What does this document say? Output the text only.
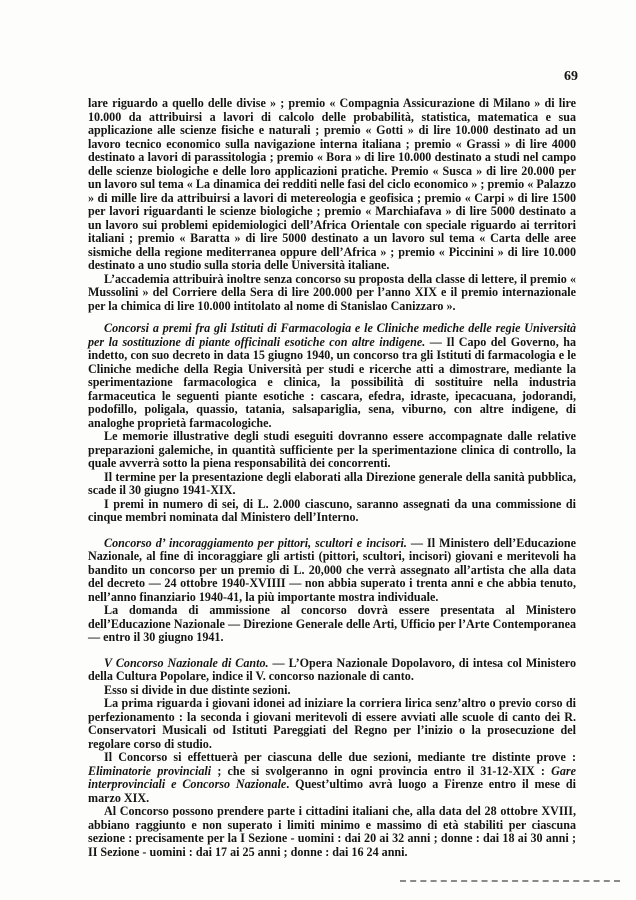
69

lare riguardo a quello delle divise » ; premio « Compagnia Assicurazione di Milano » di lire 10.000 da attribuirsi a lavori di calcolo delle probabilità, statistica, matematica e sua applicazione alle scienze fisiche e naturali ; premio « Gotti » di lire 10.000 destinato ad un lavoro tecnico economico sulla navigazione interna italiana ; premio « Grassi » di lire 4000 destinato a lavori di parassitologia ; premio « Bora » di lire 10.000 destinato a studi nel campo delle scienze biologiche e delle loro applicazioni pratiche. Premio « Susca » di lire 20.000 per un lavoro sul tema « La dinamica dei redditi nelle fasi del ciclo economico » ; premio « Palazzo » di mille lire da attribuirsi a lavori di metereologia e geofisica ; premio « Carpi » di lire 1500 per lavori riguardanti le scienze biologiche ; premio « Marchiafava » di lire 5000 destinato a un lavoro sui problemi epidemiologici dell’Africa Orientale con speciale riguardo ai territori italiani ; premio « Baratta » di lire 5000 destinato a un lavoro sul tema « Carta delle aree sismiche della regione mediterranea oppure dell’Africa » ; premio « Piccinini » di lire 10.000 destinato a uno studio sulla storia delle Università italiane.

L’accademia attribuirà inoltre senza concorso su proposta della classe di lettere, il premio « Mussolini » del Corriere della Sera di lire 200.000 per l’anno XIX e il premio internazionale per la chimica di lire 10.000 intitolato al nome di Stanislao Canizzaro ».

Concorsi a premi fra gli Istituti di Farmacologia e le Cliniche mediche delle regie Università per la sostituzione di piante officinali esotiche con altre indigene. — Il Capo del Governo, ha indetto, con suo decreto in data 15 giugno 1940, un concorso tra gli Istituti di farmacologia e le Cliniche mediche della Regia Università per studi e ricerche atti a dimostrare, mediante la sperimentazione farmacologica e clinica, la possibilità di sostituire nella industria farmaceutica le seguenti piante esotiche : cascara, efedra, idraste, ipecacuana, jodorandi, podofillo, poligala, quassio, tatania, salsapariglia, sena, viburno, con altre indigene, di analoghe proprietà farmacologiche.

Le memorie illustrative degli studi eseguiti dovranno essere accompagnate dalle relative preparazioni galemiche, in quantità sufficiente per la sperimentazione clinica di controllo, la quale avverrà sotto la piena responsabilità dei concorrenti.

Il termine per la presentazione degli elaborati alla Direzione generale della sanità pubblica, scade il 30 giugno 1941-XIX.

I premi in numero di sei, di L. 2.000 ciascuno, saranno assegnati da una commissione di cinque membri nominata dal Ministero dell’Interno.

Concorso d’ incoraggiamento per pittori, scultori e incisori. — Il Ministero dell’Educazione Nazionale, al fine di incoraggiare gli artisti (pittori, scultori, incisori) giovani e meritevoli ha bandito un concorso per un premio di L. 20,000 che verrà assegnato all’artista che alla data del decreto — 24 ottobre 1940-XVIIII — non abbia superato i trenta anni e che abbia tenuto, nell’anno finanziario 1940-41, la più importante mostra individuale.

La domanda di ammissione al concorso dovrà essere presentata al Ministero dell’Educazione Nazionale — Direzione Generale delle Arti, Ufficio per l’Arte Contemporanea — entro il 30 giugno 1941.

V Concorso Nazionale di Canto. — L’Opera Nazionale Dopolavoro, di intesa col Ministero della Cultura Popolare, indice il V. concorso nazionale di canto.

Esso si divide in due distinte sezioni.

La prima riguarda i giovani idonei ad iniziare la corriera lirica senz’altro o previo corso di perfezionamento : la seconda i giovani meritevoli di essere avviati alle scuole di canto dei R. Conservatori Musicali od Istituti Pareggiati del Regno per l’inizio o la prosecuzione del regolare corso di studio.

Il Concorso si effettuerà per ciascuna delle due sezioni, mediante tre distinte prove : Eliminatorie provinciali ; che si svolgeranno in ogni provincia entro il 31-12-XIX : Gare interprovinciali e Concorso Nazionale. Quest’ultimo avrà luogo a Firenze entro il mese di marzo XIX.

Al Concorso possono prendere parte i cittadini italiani che, alla data del 28 ottobre XVIII, abbiano raggiunto e non superato i limiti minimo e massimo di età stabiliti per ciascuna sezione : precisamente per la I Sezione - uomini : dai 20 ai 32 anni ; donne : dai 18 ai 30 anni ; II Sezione - uomini : dai 17 ai 25 anni ; donne : dai 16 24 anni.
